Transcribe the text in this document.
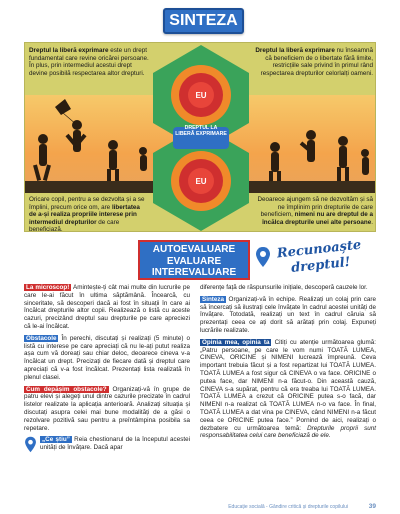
SINTEZA
EU
EU
DREPTUL LA LIBERĂ EXPRIMARE
Dreptul la liberă exprimare este un drept fundamental care revine oricărei persoane. În plus, prin intermediul acestui drept devine posibilă respectarea altor drepturi.
Dreptul la liberă exprimare nu înseamnă că beneficiem de o libertate fără limite, restricțiile sale privind în primul rând respectarea drepturilor celorlalți oameni.
Oricare copil, pentru a se dezvolta și a se împlini, precum orice om, are libertatea de a-și realiza propriile interese prin intermediul drepturilor de care beneficiază.
Deoarece ajungem să ne dezvoltăm și să ne împlinim prin drepturile de care beneficiem, nimeni nu are dreptul de a încălca drepturile unei alte persoane.
AUTOEVALUARE
EVALUARE
INTEREVALUARE
Recunoaște dreptul!

La microscop! Amintește-ți cât mai multe din lucrurile pe care le-ai făcut în ultima săptămână. Încearcă, cu sinceritate, să descoperi dacă ai fost în situații în care ai încălcat drepturile altor copii. Realizează o listă cu aceste cazuri, precizând dreptul sau drepturile pe care apreciezi că le-ai încălcat.

Obstacole În perechi, discutați și realizați (5 minute) o listă cu interese pe care apreciați că nu le-ați putut realiza așa cum vă doreați sau chiar deloc, deoarece cineva v-a încălcat un drept. Precizați de fiecare dată și dreptul care apreciați că v-a fost încălcat. Prezentați lista realizată în plenul clasei.

Cum depășim obstacole? Organizați-vă în grupe de patru elevi și alegeți unul dintre cazurile precizate în cadrul listelor realizate la aplicația anterioară. Analizați situația și discutați asupra celei mai bune modalități de a găsi o rezolvare pozitivă sau pentru a preîntâmpina posibila sa repetare.

„Ce știu” Reia chestionarul de la începutul acestei unități de învățare. Dacă apar

diferențe față de răspunsurile inițiale, descoperă cauzele lor.

Sinteza Organizați-vă în echipe. Realizați un colaj prin care să încercați să ilustrați cele învățate în cadrul acestei unități de învățare. Totodată, realizați un text în cadrul căruia să prezentați ceea ce ați dorit să arătați prin colaj. Expuneți lucrările realizate.

Opinia mea, opinia ta Citiți cu atenție următoarea glumă: „Patru persoane, pe care le vom numi TOATĂ LUMEA, CINEVA, ORICINE și NIMENI lucrează împreună. Ceva important trebuia făcut și a fost repartizat lui TOATĂ LUMEA. TOATĂ LUMEA a fost sigur că CINEVA o va face. ORICINE o putea face, dar NIMENI n-a făcut-o. Din această cauză, CINEVA s-a supărat, pentru că era treaba lui TOATĂ LUMEA. TOATĂ LUMEA a crezut că ORICINE putea s-o facă, dar NIMENI n-a realizat că TOATĂ LUMEA n-o va face. În final, TOATĂ LUMEA a dat vina pe CINEVA, când NIMENI n-a făcut ceea ce ORICINE putea face.” Pornind de aici, realizați o dezbatere cu următoarea temă: Drepturile proprii sunt responsabilitatea celui care beneficiază de ele.

Educație socială - Gândire critică și drepturile copilului	39
